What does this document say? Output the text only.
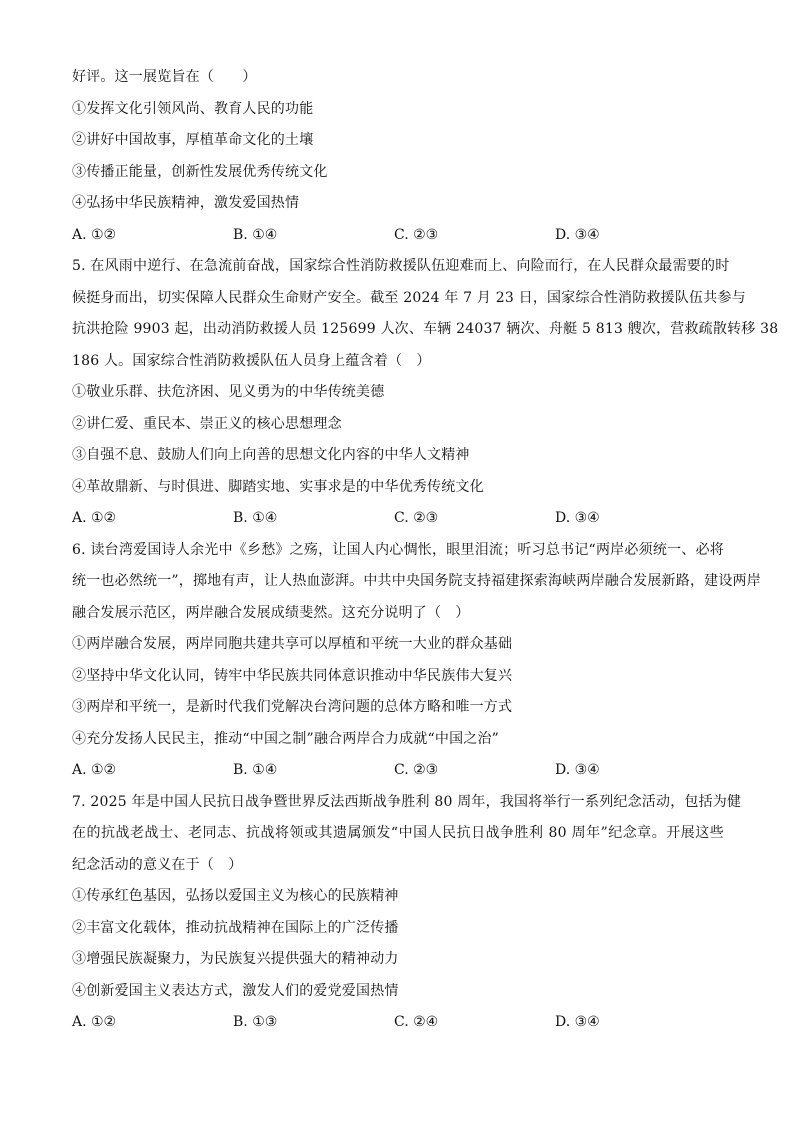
好评。这一展览旨在（　　）
①发挥文化引领风尚、教育人民的功能
②讲好中国故事，厚植革命文化的土壤
③传播正能量，创新性发展优秀传统文化
④弘扬中华民族精神，激发爱国热情
A. ①②	B. ①④	C. ②③	D. ③④
5. 在风雨中逆行、在急流前奋战，国家综合性消防救援队伍迎难而上、向险而行，在人民群众最需要的时
候挺身而出，切实保障人民群众生命财产安全。截至 2024 年 7 月 23 日，国家综合性消防救援队伍共参与
抗洪抢险 9903 起，出动消防救援人员 125699 人次、车辆 24037 辆次、舟艇 5 813 艘次，营救疏散转移 38
186 人。国家综合性消防救援队伍人员身上蕴含着（　）
①敬业乐群、扶危济困、见义勇为的中华传统美德
②讲仁爱、重民本、崇正义的核心思想理念
③自强不息、鼓励人们向上向善的思想文化内容的中华人文精神
④革故鼎新、与时俱进、脚踏实地、实事求是的中华优秀传统文化
A. ①②	B. ①④	C. ②③	D. ③④
6. 读台湾爱国诗人余光中《乡愁》之殇，让国人内心惆怅，眼里泪流；听习总书记“两岸必须统一、必将
统一也必然统一”，掷地有声，让人热血澎湃。中共中央国务院支持福建探索海峡两岸融合发展新路，建设两岸
融合发展示范区，两岸融合发展成绩斐然。这充分说明了（　）
①两岸融合发展，两岸同胞共建共享可以厚植和平统一大业的群众基础
②坚持中华文化认同，铸牢中华民族共同体意识推动中华民族伟大复兴
③两岸和平统一，是新时代我们党解决台湾问题的总体方略和唯一方式
④充分发扬人民民主，推动“中国之制”融合两岸合力成就“中国之治”
A. ①②	B. ①④	C. ②③	D. ③④
7. 2025 年是中国人民抗日战争暨世界反法西斯战争胜利 80 周年，我国将举行一系列纪念活动，包括为健
在的抗战老战士、老同志、抗战将领或其遗属颁发“中国人民抗日战争胜利 80 周年”纪念章。开展这些
纪念活动的意义在于（　）
①传承红色基因，弘扬以爱国主义为核心的民族精神
②丰富文化载体，推动抗战精神在国际上的广泛传播
③增强民族凝聚力，为民族复兴提供强大的精神动力
④创新爱国主义表达方式，激发人们的爱党爱国热情
A. ①②	B. ①③	C. ②④	D. ③④
